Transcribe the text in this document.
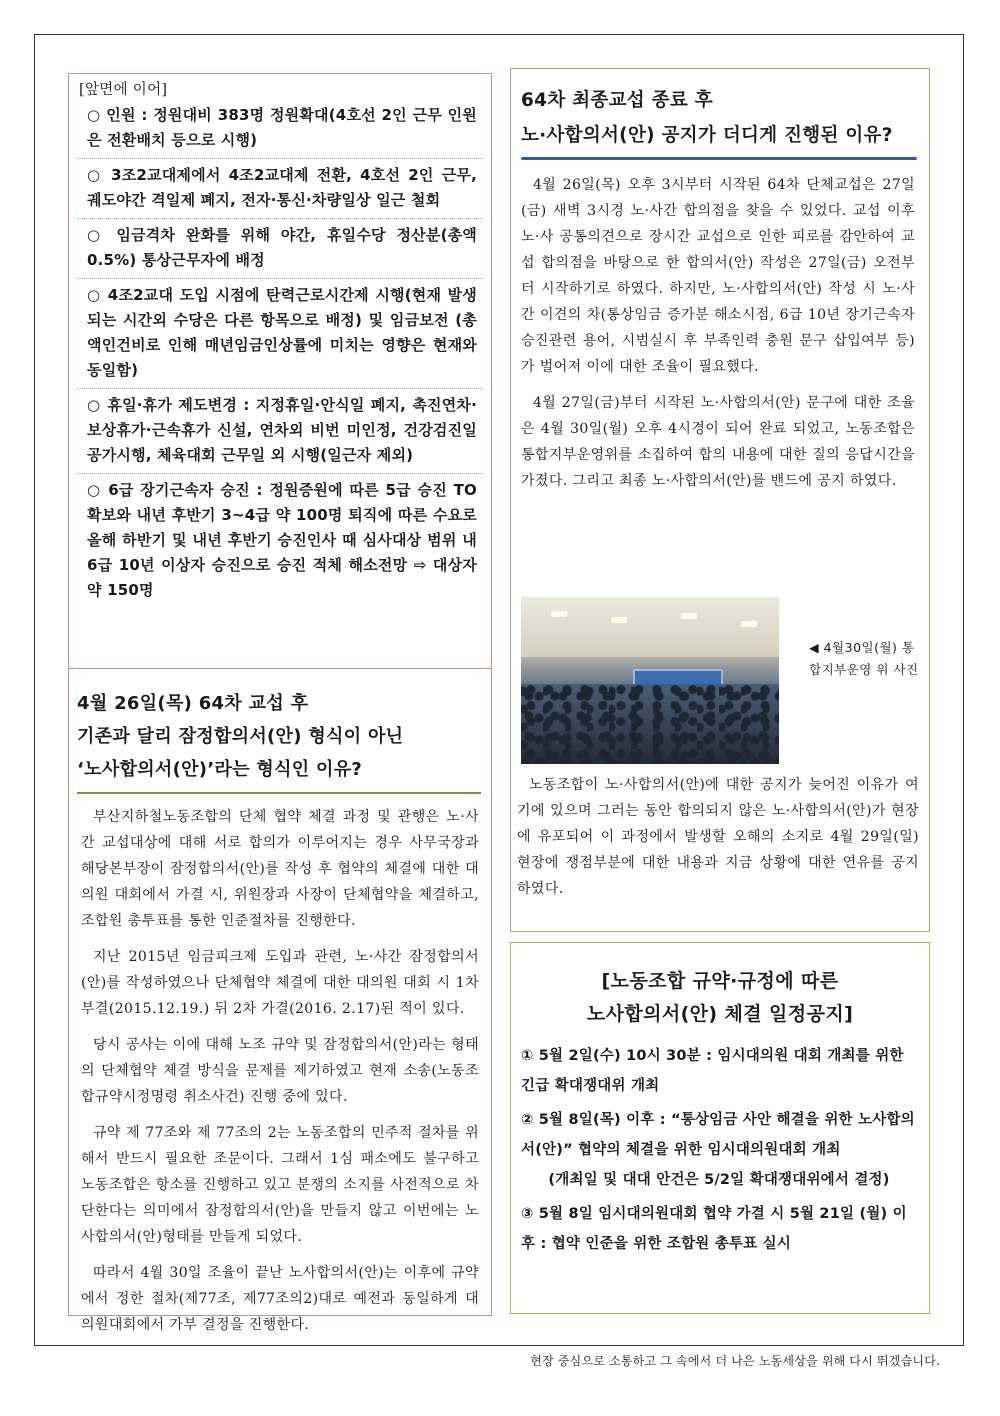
[앞면에 이어]
○ 인원 : 정원대비 383명 정원확대(4호선 2인 근무 인원은 전환배치 등으로 시행)
○ 3조2교대제에서 4조2교대제 전환, 4호선 2인 근무, 궤도야간 격일제 폐지, 전자·통신·차량일상 일근 철회
○ 임금격차 완화를 위해 야간, 휴일수당 정산분(총액 0.5%) 통상근무자에 배정
○ 4조2교대 도입 시점에 탄력근로시간제 시행(현재 발생되는 시간외 수당은 다른 항목으로 배정) 및 임금보전 (총액인건비로 인해 매년임금인상률에 미치는 영향은 현재와 동일함)
○ 휴일·휴가 제도변경 : 지정휴일·안식일 폐지, 촉진연차·보상휴가·근속휴가 신설, 연차외 비번 미인정, 건강검진일 공가시행, 체육대회 근무일 외 시행(일근자 제외)
○ 6급 장기근속자 승진 : 정원증원에 따른 5급 승진 TO확보와 내년 후반기 3~4급 약 100명 퇴직에 따른 수요로 올해 하반기 및 내년 후반기 승진인사 때 심사대상 범위 내 6급 10년 이상자 승진으로 승진 적체 해소전망 ⇨ 대상자 약 150명
4월 26일(목) 64차 교섭 후
기존과 달리 잠정합의서(안) 형식이 아닌
‘노사합의서(안)’라는 형식인 이유?

부산지하철노동조합의 단체 협약 체결 과정 및 관행은 노·사간 교섭대상에 대해 서로 합의가 이루어지는 경우 사무국장과 해당본부장이 잠정합의서(안)를 작성 후 협약의 체결에 대한 대의원 대회에서 가결 시, 위원장과 사장이 단체협약을 체결하고, 조합원 총투표를 통한 인준절차를 진행한다.

지난 2015년 임금피크제 도입과 관련, 노·사간 잠정합의서(안)를 작성하였으나 단체협약 체결에 대한 대의원 대회 시 1차 부결(2015.12.19.) 뒤 2차 가결(2016. 2.17)된 적이 있다.

당시 공사는 이에 대해 노조 규약 및 잠정합의서(안)라는 형태의 단체협약 체결 방식을 문제를 제기하였고 현재 소송(노동조합규약시정명령 취소사건) 진행 중에 있다.

규약 제 77조와 제 77조의 2는 노동조합의 민주적 절차를 위해서 반드시 필요한 조문이다. 그래서 1심 패소에도 불구하고 노동조합은 항소를 진행하고 있고 분쟁의 소지를 사전적으로 차단한다는 의미에서 잠정합의서(안)을 만들지 않고 이번에는 노사합의서(안)형태를 만들게 되었다.

따라서 4월 30일 조율이 끝난 노사합의서(안)는 이후에 규약에서 정한 절차(제77조, 제77조의2)대로 예전과 동일하게 대의원대회에서 가부 결정을 진행한다.

64차 최종교섭 종료 후
노·사합의서(안) 공지가 더디게 진행된 이유?

4월 26일(목) 오후 3시부터 시작된 64차 단체교섭은 27일(금) 새벽 3시경 노·사간 합의점을 찾을 수 있었다. 교섭 이후 노·사 공통의견으로 장시간 교섭으로 인한 피로를 감안하여 교섭 합의점을 바탕으로 한 합의서(안) 작성은 27일(금) 오전부터 시작하기로 하였다. 하지만, 노·사합의서(안) 작성 시 노·사간 이견의 차(통상임금 증가분 해소시점, 6급 10년 장기근속자 승진관련 용어, 시범실시 후 부족인력 충원 문구 삽입여부 등)가 벌어져 이에 대한 조율이 필요했다.

4월 27일(금)부터 시작된 노·사합의서(안) 문구에 대한 조율은 4월 30일(월) 오후 4시경이 되어 완료 되었고, 노동조합은 통합지부운영위를 소집하여 합의 내용에 대한 질의 응답시간을 가졌다. 그리고 최종 노·사합의서(안)를 밴드에 공지 하였다.

◀ 4월30일(월) 통합지부운영 위 사진

노동조합이 노·사합의서(안)에 대한 공지가 늦어진 이유가 여기에 있으며 그러는 동안 합의되지 않은 노·사합의서(안)가 현장에 유포되어 이 과정에서 발생할 오해의 소지로 4월 29일(일) 현장에 쟁점부분에 대한 내용과 지금 상황에 대한 연유를 공지 하였다.

[노동조합 규약·규정에 따른
노사합의서(안) 체결 일정공지]
① 5월 2일(수) 10시 30분 : 임시대의원 대회 개최를 위한 긴급 확대쟁대위 개최
② 5월 8일(목) 이후 : “통상임금 사안 해결을 위한 노사합의서(안)” 협약의 체결을 위한 임시대의원대회 개최
(개최일 및 대대 안건은 5/2일 확대쟁대위에서 결정)
③ 5월 8일 임시대의원대회 협약 가결 시 5월 21일 (월) 이후 : 협약 인준을 위한 조합원 총투표 실시
현장 중심으로 소통하고 그 속에서 더 나은 노동세상을 위해 다시 뛰겠습니다.
